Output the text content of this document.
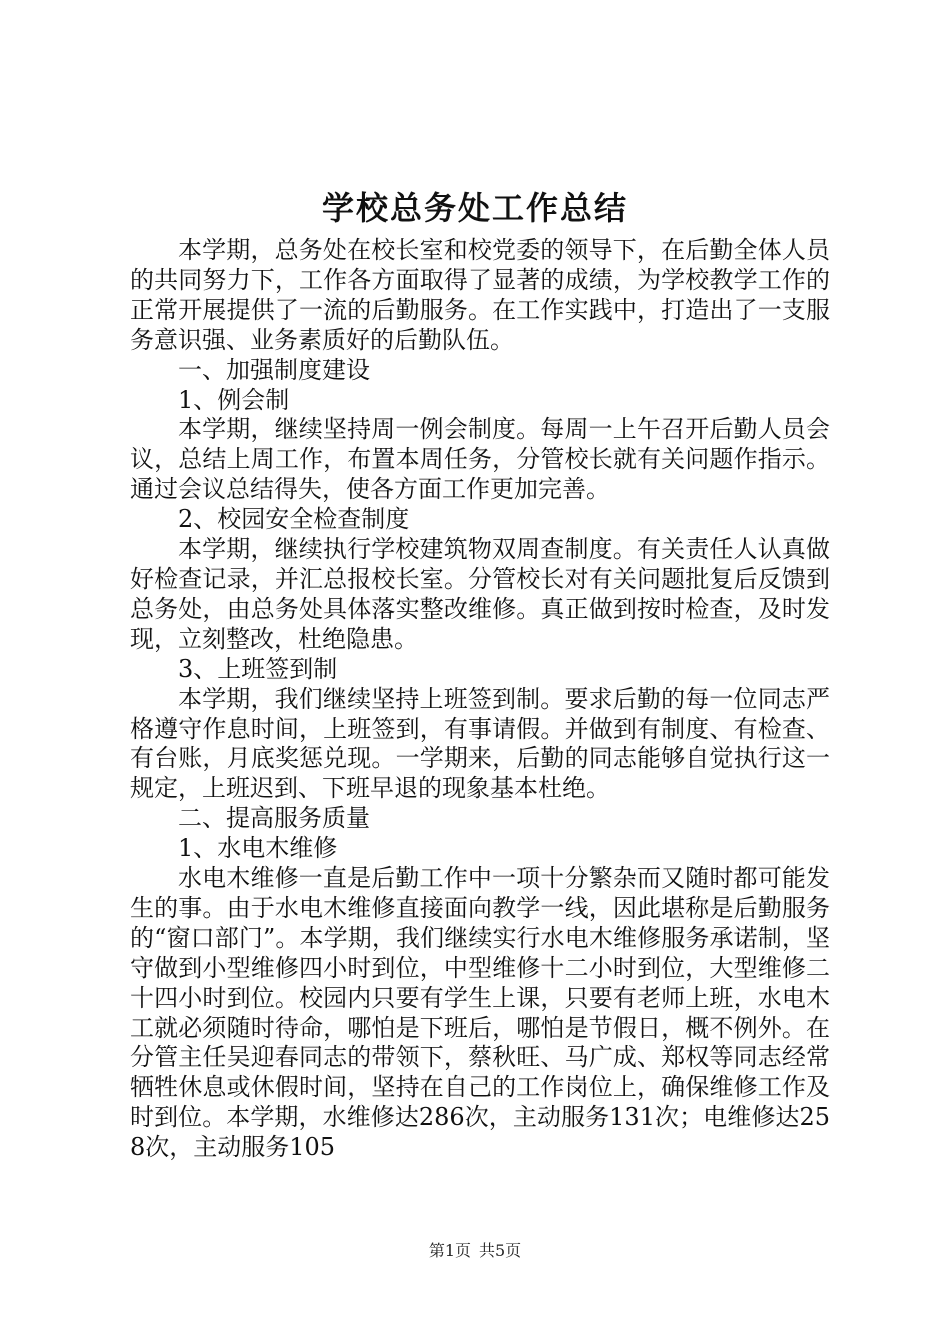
学校总务处工作总结

本学期，总务处在校长室和校党委的领导下，在后勤全体人员的共同努力下，工作各方面取得了显著的成绩，为学校教学工作的正常开展提供了一流的后勤服务。在工作实践中，打造出了一支服务意识强、业务素质好的后勤队伍。

一、加强制度建设

1、例会制

本学期，继续坚持周一例会制度。每周一上午召开后勤人员会议，总结上周工作，布置本周任务，分管校长就有关问题作指示。通过会议总结得失，使各方面工作更加完善。

2、校园安全检查制度

本学期，继续执行学校建筑物双周查制度。有关责任人认真做好检查记录，并汇总报校长室。分管校长对有关问题批复后反馈到总务处，由总务处具体落实整改维修。真正做到按时检查，及时发现，立刻整改，杜绝隐患。

3、上班签到制

本学期，我们继续坚持上班签到制。要求后勤的每一位同志严格遵守作息时间，上班签到，有事请假。并做到有制度、有检查、有台账，月底奖惩兑现。一学期来，后勤的同志能够自觉执行这一规定，上班迟到、下班早退的现象基本杜绝。

二、提高服务质量

1、水电木维修

水电木维修一直是后勤工作中一项十分繁杂而又随时都可能发生的事。由于水电木维修直接面向教学一线，因此堪称是后勤服务的“窗口部门”。本学期，我们继续实行水电木维修服务承诺制，坚守做到小型维修四小时到位，中型维修十二小时到位，大型维修二十四小时到位。校园内只要有学生上课，只要有老师上班，水电木工就必须随时待命，哪怕是下班后，哪怕是节假日，概不例外。在分管主任吴迎春同志的带领下，蔡秋旺、马广成、郑权等同志经常牺牲休息或休假时间，坚持在自己的工作岗位上，确保维修工作及时到位。本学期，水维修达286次，主动服务131次；电维修达258次，主动服务105

第1页 共5页
